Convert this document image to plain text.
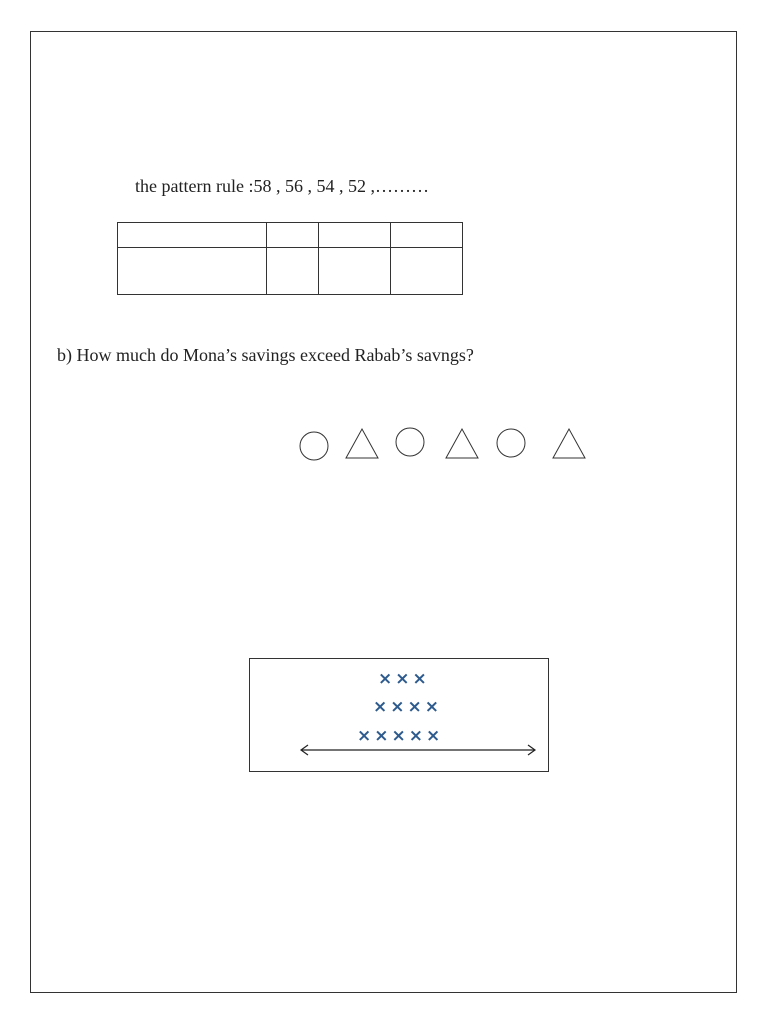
the pattern rule :58 , 56 , 54 , 52 ,………

b) How much do Mona’s savings exceed Rabab’s savngs?
×××
××××
×××××
